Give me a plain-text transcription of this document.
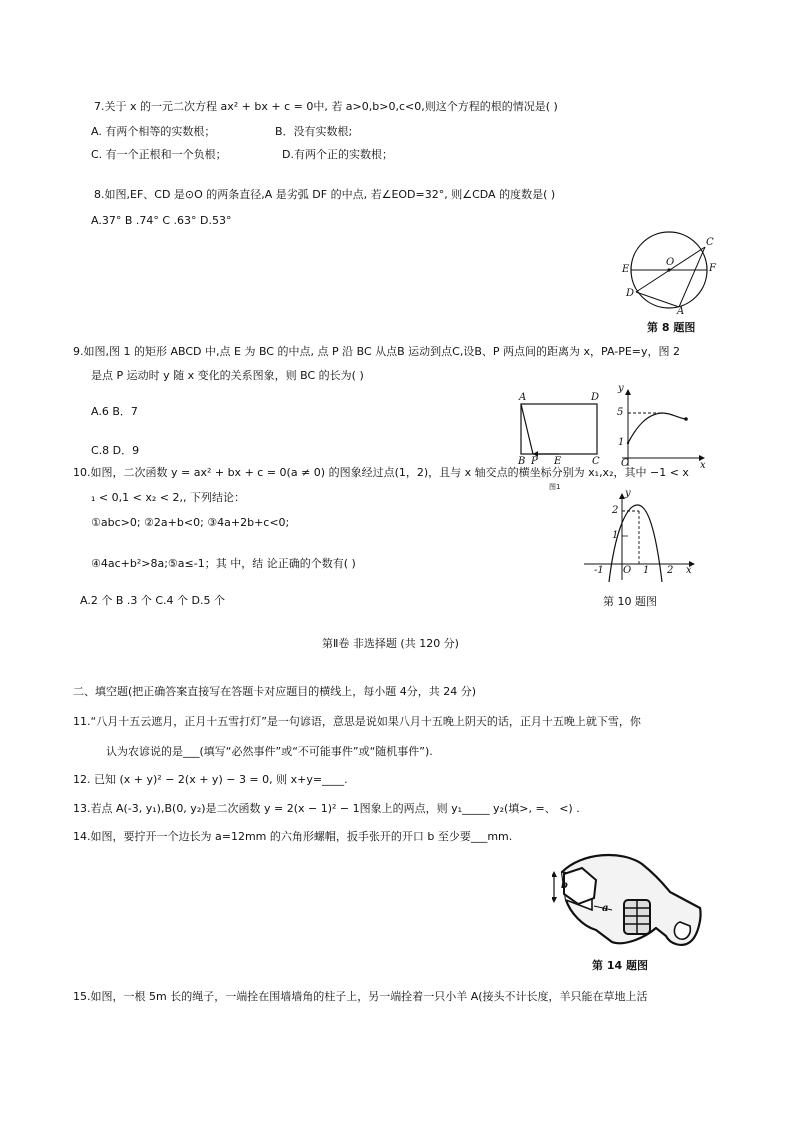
7.关于 x 的一元二次方程 ax² + bx + c = 0中, 若 a>0,b>0,c<0,则这个方程的根的情况是( )
A. 有两个相等的实数根；	B．没有实数根;
C. 有一个正根和一个负根；	D.有两个正的实数根；
8.如图,EF、CD 是⊙O 的两条直径,A 是劣弧 DF 的中点, 若∠EOD=32°, 则∠CDA 的度数是( )
A.37° B .74° C .63° D.53°
C
O
E	F
D
A
第 8 题图
9.如图,图 1 的矩形 ABCD 中,点 E 为 BC 的中点, 点 P 沿 BC 从点B 运动到点C,设B、P 两点间的距离为 x，PA-PE=y，图 2
是点 P 运动时 y 随 x 变化的关系图象，则 BC 的长为( )
A.6 B．7
C.8 D．9
A	D
B P E	C
图1
y
5
1
O	x
10.如图，二次函数 y = ax² + bx + c = 0(a ≠ 0) 的图象经过点(1，2)，且与 x 轴交点的横坐标分别为 x₁,x₂，其中 −1 < x
₁ < 0,1 < x₂ < 2,, 下列结论：
①abc>0; ②2a+b<0; ③4a+2b+c<0;
④4ac+b²>8a;⑤a≤-1；其 中，结 论正确的个数有( )
A.2 个 B .3 个 C.4 个 D.5 个
y
2
1
-1 O 1 2 x
第 10 题图
第Ⅱ卷 非选择题 (共 120 分)
二、填空题(把正确答案直接写在答题卡对应题目的横线上，每小题 4分，共 24 分)
11.“八月十五云遮月，正月十五雪打灯”是一句谚语，意思是说如果八月十五晚上阴天的话，正月十五晚上就下雪，你
认为农谚说的是___(填写“必然事件”或“不可能事件”或“随机事件”).
12. 已知 (x + y)² − 2(x + y) − 3 = 0, 则 x+y=____.
13.若点 A(-3, y₁),B(0, y₂)是二次函数 y = 2(x − 1)² − 1图象上的两点，则 y₁_____ y₂(填>, =、 <) .
14.如图，要拧开一个边长为 a=12mm 的六角形螺帽，扳手张开的开口 b 至少要___mm.
b
a
第 14 题图
15.如图，一根 5m 长的绳子，一端拴在围墙墙角的柱子上，另一端拴着一只小羊 A(接头不计长度，羊只能在草地上活
